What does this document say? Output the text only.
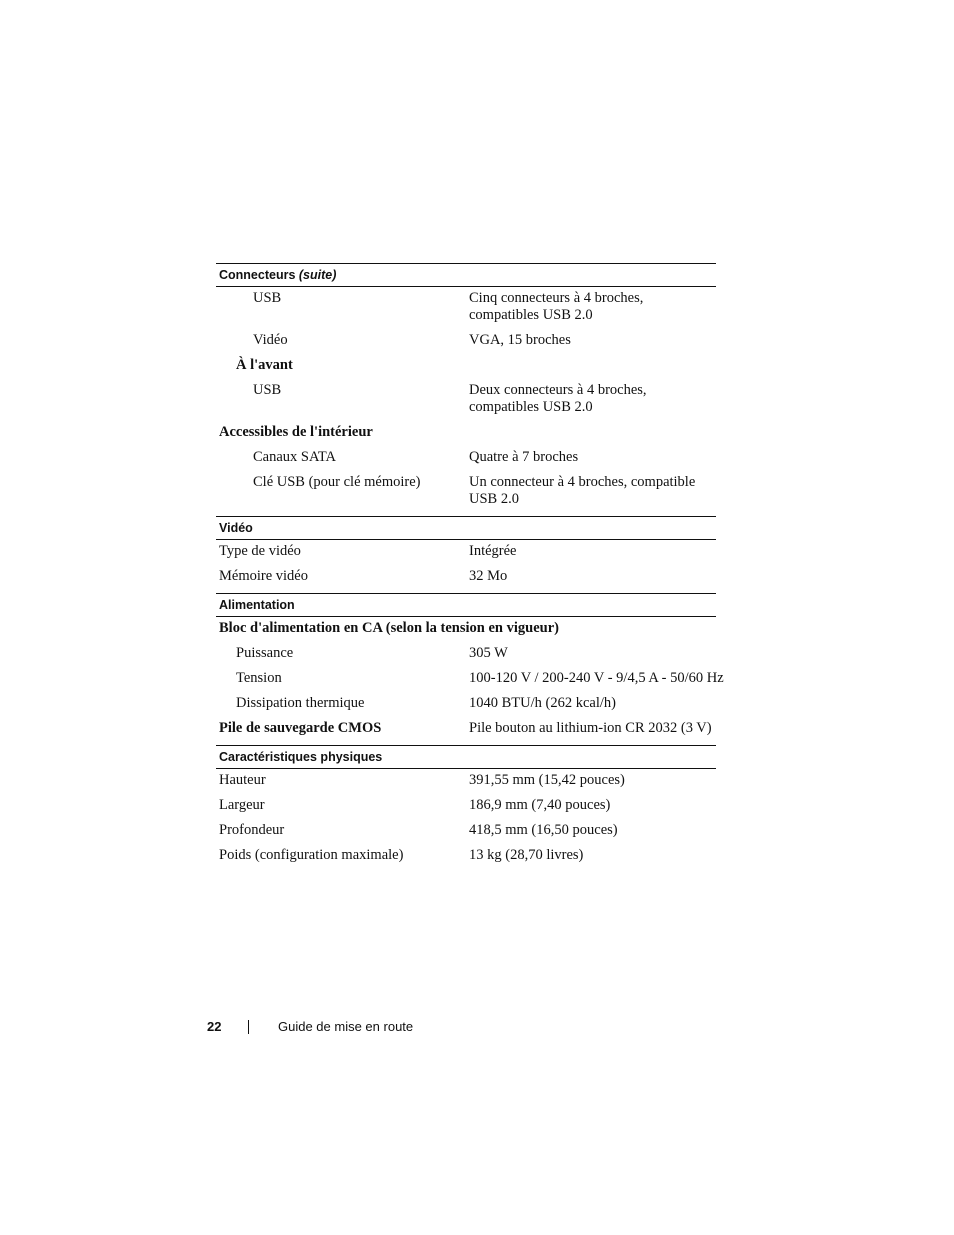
Connecteurs (suite)
USB	Cinq connecteurs à 4 broches, compatibles USB 2.0
Vidéo	VGA, 15 broches
À l'avant
USB	Deux connecteurs à 4 broches, compatibles USB 2.0
Accessibles de l'intérieur
Canaux SATA	Quatre à 7 broches
Clé USB (pour clé mémoire)	Un connecteur à 4 broches, compatible USB 2.0
Vidéo
Type de vidéo	Intégrée
Mémoire vidéo	32 Mo
Alimentation
Bloc d'alimentation en CA (selon la tension en vigueur)
Puissance	305 W
Tension	100-120 V / 200-240 V - 9/4,5 A - 50/60 Hz
Dissipation thermique	1040 BTU/h (262 kcal/h)
Pile de sauvegarde CMOS	Pile bouton au lithium-ion CR 2032 (3 V)
Caractéristiques physiques
Hauteur	391,55 mm (15,42 pouces)
Largeur	186,9 mm (7,40 pouces)
Profondeur	418,5 mm (16,50 pouces)
Poids (configuration maximale)	13 kg (28,70 livres)
22	Guide de mise en route
